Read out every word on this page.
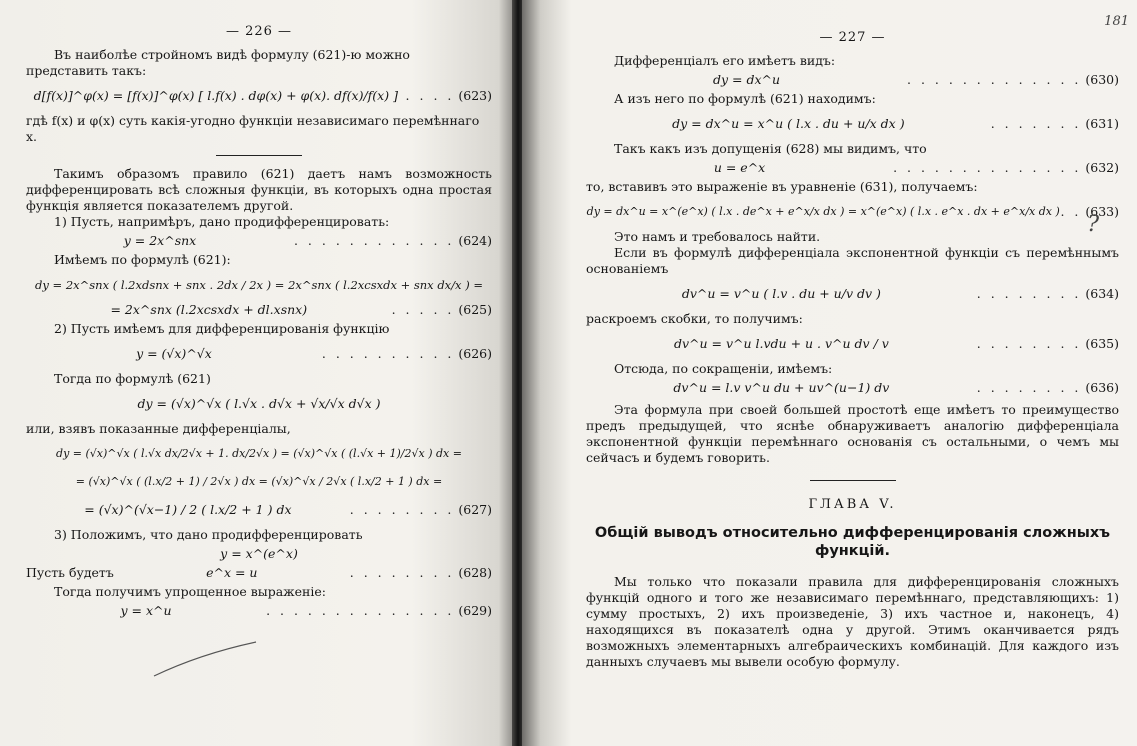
— 226 —

Въ наиболѣе стройномъ видѣ формулу (621)-ю можно представить такъ:

d[f(x)]^φ(x) = [f(x)]^φ(x) [ l.f(x) . dφ(x) + φ(x). df(x)/f(x) ] . . . . (623)

гдѣ f(x) и φ(x) суть какія-угодно функціи независимаго перемѣннаго x.

Такимъ образомъ правило (621) даетъ намъ возможность дифференцировать всѣ сложныя функціи, въ которыхъ одна простая функція является показателемъ другой.

1) Пусть, напримѣръ, дано продифференцировать:

y = 2x^snx	. . . . . . . . . . . . (624)

Имѣемъ по формулѣ (621):

dy = 2x^snx ( l.2xdsnx + snx . 2dx / 2x ) = 2x^snx ( l.2xcsxdx + snx dx/x ) =
= 2x^snx (l.2xcsxdx + dl.xsnx)	. . . . . (625)

2) Пусть имѣемъ для дифференцированія функцію

y = (√x)^√x	. . . . . . . . . . (626)

Тогда по формулѣ (621)

dy = (√x)^√x ( l.√x . d√x + √x/√x d√x )

или, взявъ показанные дифференціалы,

dy = (√x)^√x ( l.√x dx/2√x + 1. dx/2√x ) = (√x)^√x ( (l.√x + 1)/2√x ) dx =
= (√x)^√x ( (l.x/2 + 1) / 2√x ) dx = (√x)^√x / 2√x ( l.x/2 + 1 ) dx =
= (√x)^(√x−1) / 2 ( l.x/2 + 1 ) dx	. . . . . . . . (627)

3) Положимъ, что дано продифференцировать

y = x^(e^x)
Пусть будетъ	e^x = u	. . . . . . . . (628)

Тогда получимъ упрощенное выраженіе:

y = x^u	. . . . . . . . . . . . . . (629)
— 227 —

Дифференціалъ его имѣетъ видъ:

dy = dx^u	. . . . . . . . . . . . . (630)

А изъ него по формулѣ (621) находимъ:

dy = dx^u = x^u ( l.x . du + u/x dx )	. . . . . . . (631)

Такъ какъ изъ допущенія (628) мы видимъ, что

u = e^x	. . . . . . . . . . . . . . (632)

то, вставивъ это выраженіе въ уравненіе (631), получаемъ:

dy = dx^u = x^(e^x) ( l.x . de^x + e^x/x dx ) = x^(e^x) ( l.x . e^x . dx + e^x/x dx ) . . (633)

Это намъ и требовалось найти.

Если въ формулѣ дифференціала экспонентной функціи съ перемѣннымъ основаніемъ

dv^u = v^u ( l.v . du + u/v dv )	. . . . . . . . (634)

раскроемъ скобки, то получимъ:

dv^u = v^u l.vdu + u . v^u dv / v	. . . . . . . . (635)

Отсюда, по сокращеніи, имѣемъ:

dv^u = l.v v^u du + uv^(u−1) dv	. . . . . . . . (636)

Эта формула при своей большей простотѣ еще имѣетъ то преимущество предъ предыдущей, что яснѣе обнаруживаетъ аналогію дифференціала экспонентной функціи перемѣннаго основанія съ остальными, о чемъ мы сейчасъ и будемъ говорить.

ГЛАВА V.
Общій выводъ относительно дифференцированія сложныхъ функцій.

Мы только что показали правила для дифференцированія сложныхъ функцій одного и того же независимаго перемѣннаго, представляющихъ: 1) сумму простыхъ, 2) ихъ произведеніе, 3) ихъ частное и, наконецъ, 4) находящихся въ показателѣ одна у другой. Этимъ оканчивается рядъ возможныхъ элементарныхъ алгебраическихъ комбинацій. Для каждого изъ данныхъ случаевъ мы вывели особую формулу.

181
?
